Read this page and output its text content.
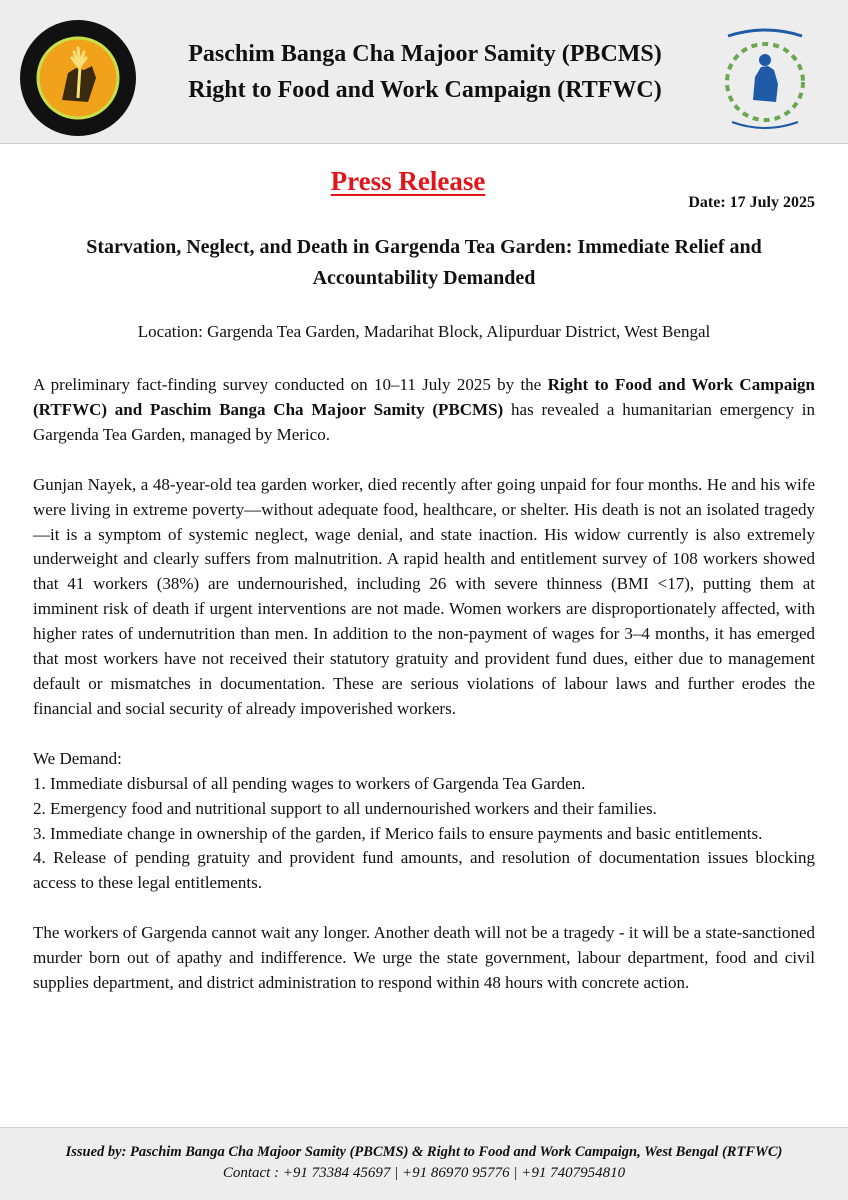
Paschim Banga Cha Majoor Samity (PBCMS)
Right to Food and Work Campaign (RTFWC)
Press Release
Date: 17 July 2025
Starvation, Neglect, and Death in Gargenda Tea Garden: Immediate Relief and Accountability Demanded
Location: Gargenda Tea Garden, Madarihat Block, Alipurduar District, West Bengal

A preliminary fact-finding survey conducted on 10–11 July 2025 by the Right to Food and Work Campaign (RTFWC) and Paschim Banga Cha Majoor Samity (PBCMS) has revealed a humanitarian emergency in Gargenda Tea Garden, managed by Merico.

Gunjan Nayek, a 48-year-old tea garden worker, died recently after going unpaid for four months. He and his wife were living in extreme poverty—without adequate food, healthcare, or shelter. His death is not an isolated tragedy—it is a symptom of systemic neglect, wage denial, and state inaction. His widow currently is also extremely underweight and clearly suffers from malnutrition. A rapid health and entitlement survey of 108 workers showed that 41 workers (38%) are undernourished, including 26 with severe thinness (BMI <17), putting them at imminent risk of death if urgent interventions are not made. Women workers are disproportionately affected, with higher rates of undernutrition than men. In addition to the non-payment of wages for 3–4 months, it has emerged that most workers have not received their statutory gratuity and provident fund dues, either due to management default or mismatches in documentation. These are serious violations of labour laws and further erodes the financial and social security of already impoverished workers.

We Demand:
1. Immediate disbursal of all pending wages to workers of Gargenda Tea Garden.
2. Emergency food and nutritional support to all undernourished workers and their families.
3. Immediate change in ownership of the garden, if Merico fails to ensure payments and basic entitlements.
4. Release of pending gratuity and provident fund amounts, and resolution of documentation issues blocking access to these legal entitlements.

The workers of Gargenda cannot wait any longer. Another death will not be a tragedy - it will be a state-sanctioned murder born out of apathy and indifference. We urge the state government, labour department, food and civil supplies department, and district administration to respond within 48 hours with concrete action.

Issued by: Paschim Banga Cha Majoor Samity (PBCMS) & Right to Food and Work Campaign, West Bengal (RTFWC)
Contact : +91 73384 45697 | +91 86970 95776 | +91 7407954810
